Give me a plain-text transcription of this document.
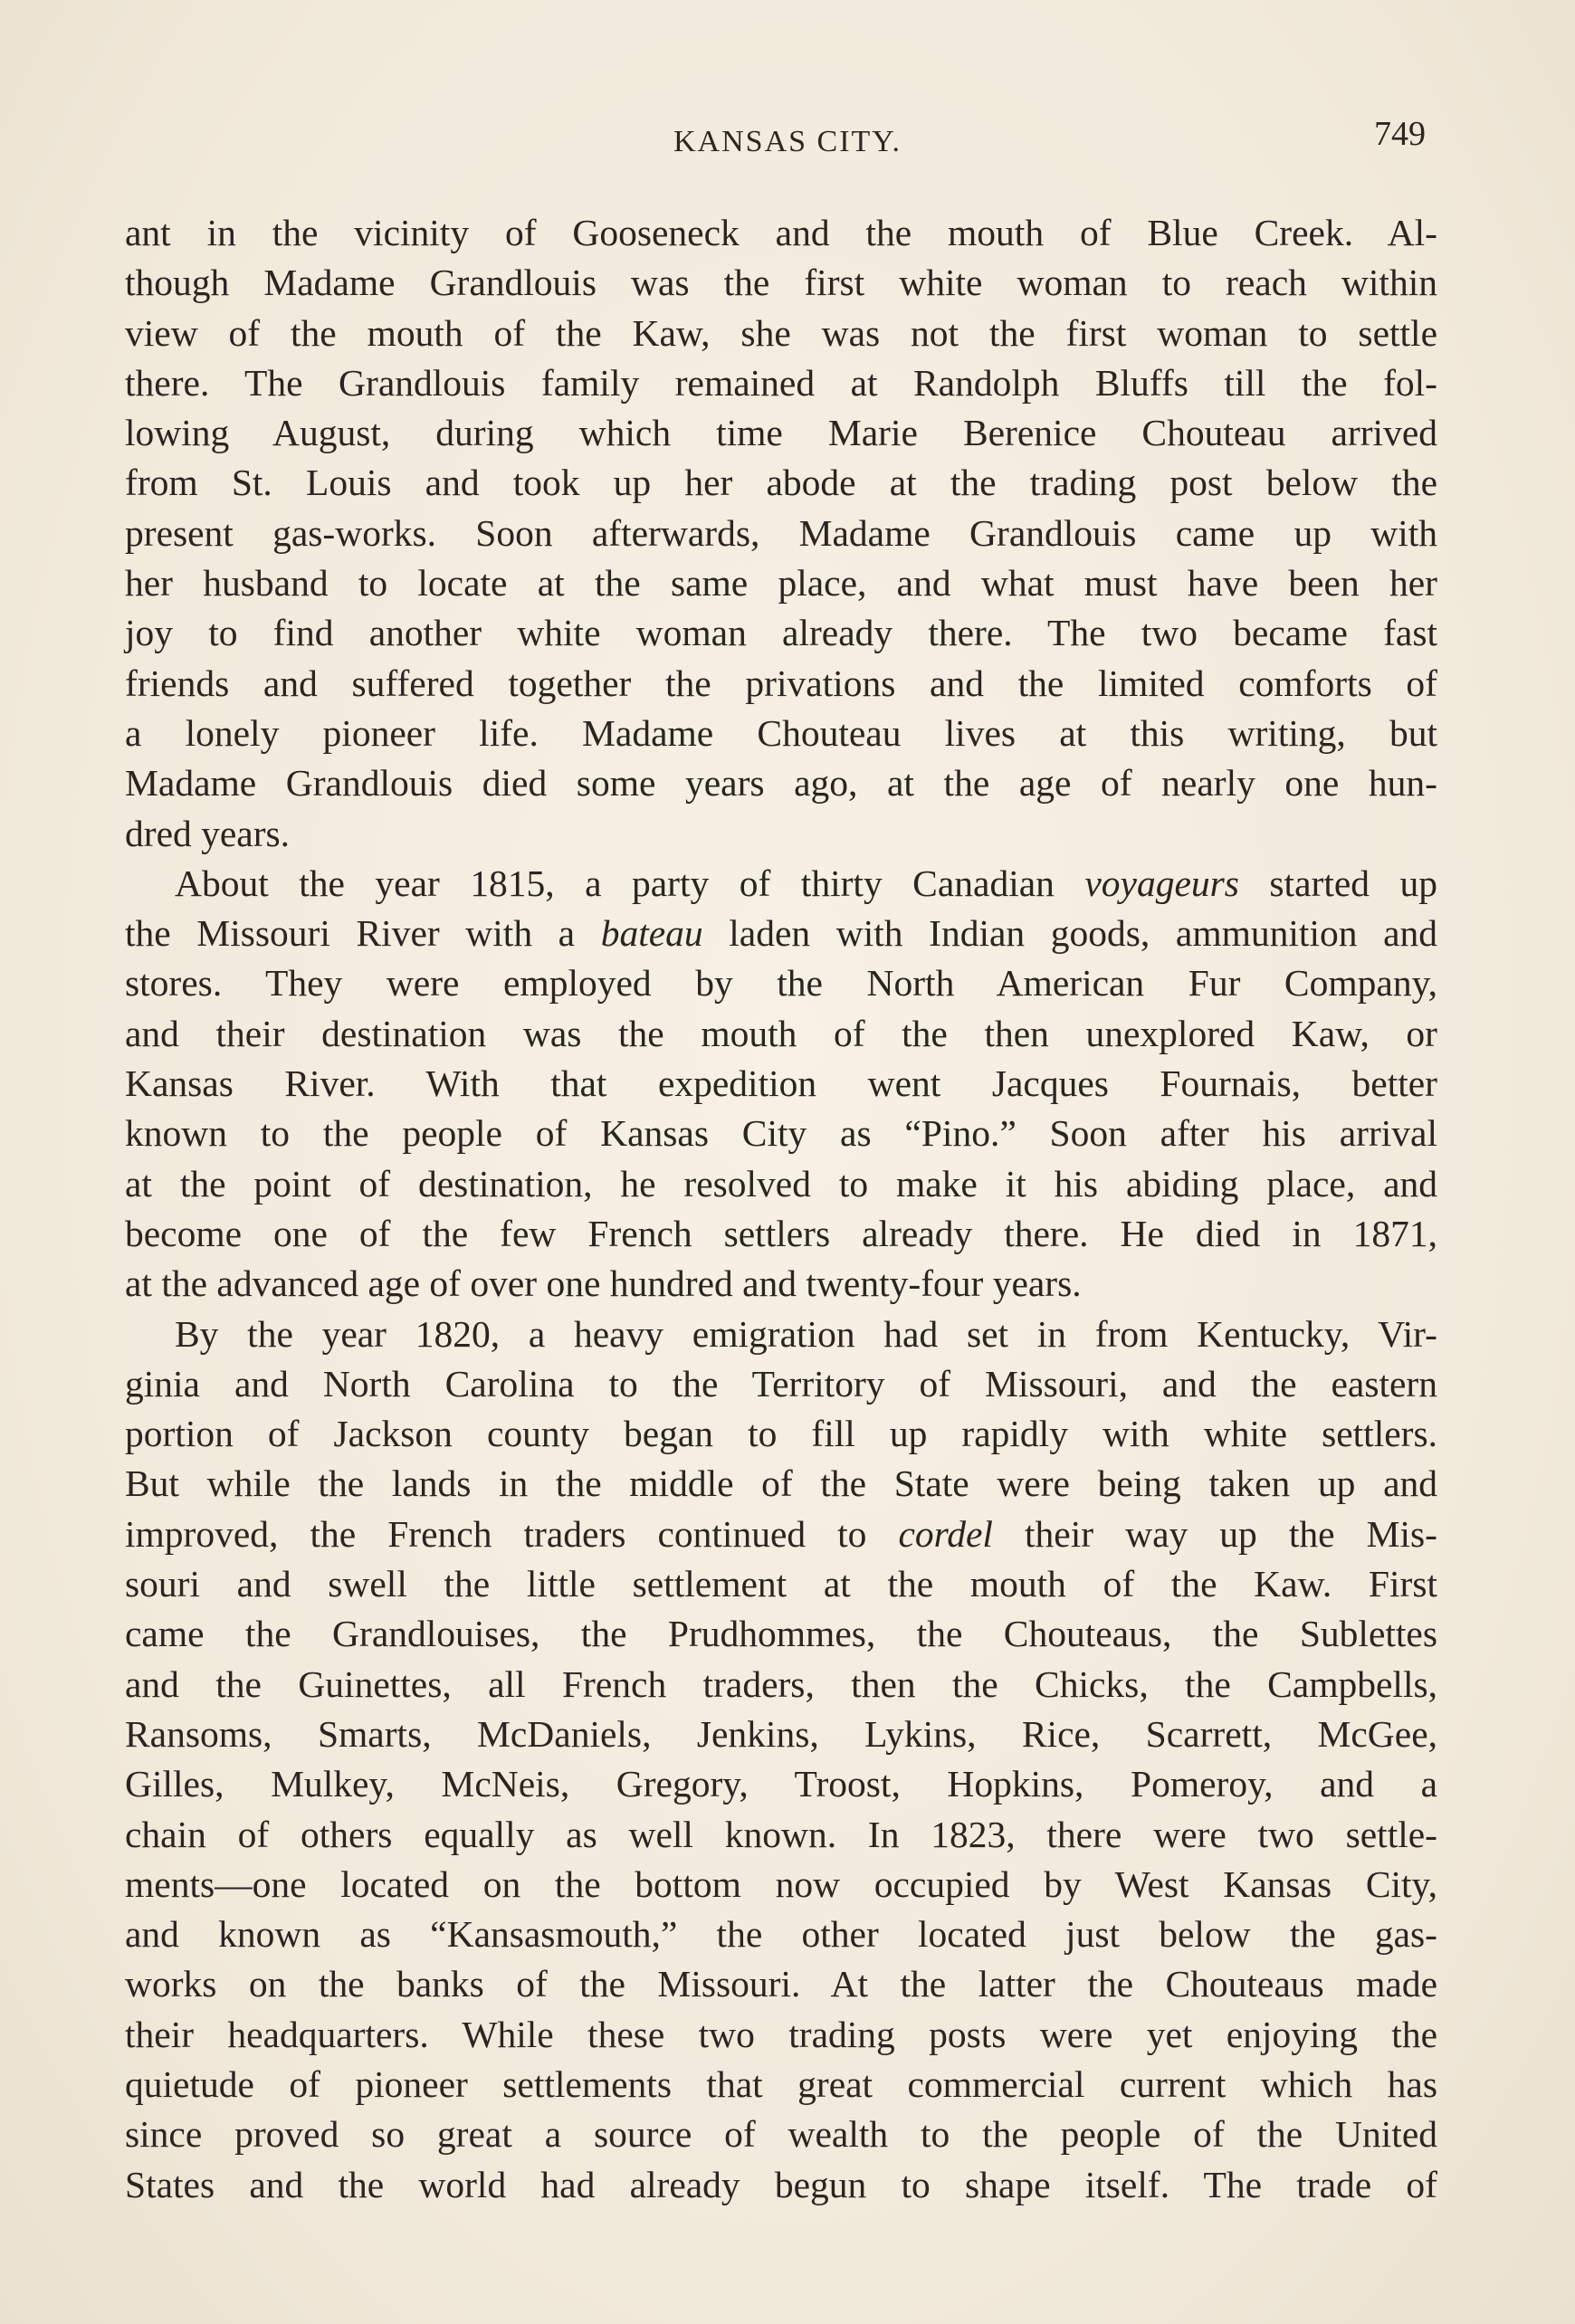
KANSAS CITY.	749
ant in the vicinity of Gooseneck and the mouth of Blue Creek. Al-
though Madame Grandlouis was the first white woman to reach within
view of the mouth of the Kaw, she was not the first woman to settle
there. The Grandlouis family remained at Randolph Bluffs till the fol-
lowing August, during which time Marie Berenice Chouteau arrived
from St. Louis and took up her abode at the trading post below the
present gas-works. Soon afterwards, Madame Grandlouis came up with
her husband to locate at the same place, and what must have been her
joy to find another white woman already there. The two became fast
friends and suffered together the privations and the limited comforts of
a lonely pioneer life. Madame Chouteau lives at this writing, but
Madame Grandlouis died some years ago, at the age of nearly one hun-
dred years.
About the year 1815, a party of thirty Canadian voyageurs started up
the Missouri River with a bateau laden with Indian goods, ammunition and
stores. They were employed by the North American Fur Company,
and their destination was the mouth of the then unexplored Kaw, or
Kansas River. With that expedition went Jacques Fournais, better
known to the people of Kansas City as “Pino.” Soon after his arrival
at the point of destination, he resolved to make it his abiding place, and
become one of the few French settlers already there. He died in 1871,
at the advanced age of over one hundred and twenty-four years.
By the year 1820, a heavy emigration had set in from Kentucky, Vir-
ginia and North Carolina to the Territory of Missouri, and the eastern
portion of Jackson county began to fill up rapidly with white settlers.
But while the lands in the middle of the State were being taken up and
improved, the French traders continued to cordel their way up the Mis-
souri and swell the little settlement at the mouth of the Kaw. First
came the Grandlouises, the Prudhommes, the Chouteaus, the Sublettes
and the Guinettes, all French traders, then the Chicks, the Campbells,
Ransoms, Smarts, McDaniels, Jenkins, Lykins, Rice, Scarrett, McGee,
Gilles, Mulkey, McNeis, Gregory, Troost, Hopkins, Pomeroy, and a
chain of others equally as well known. In 1823, there were two settle-
ments—one located on the bottom now occupied by West Kansas City,
and known as “Kansasmouth,” the other located just below the gas-
works on the banks of the Missouri. At the latter the Chouteaus made
their headquarters. While these two trading posts were yet enjoying the
quietude of pioneer settlements that great commercial current which has
since proved so great a source of wealth to the people of the United
States and the world had already begun to shape itself. The trade of
